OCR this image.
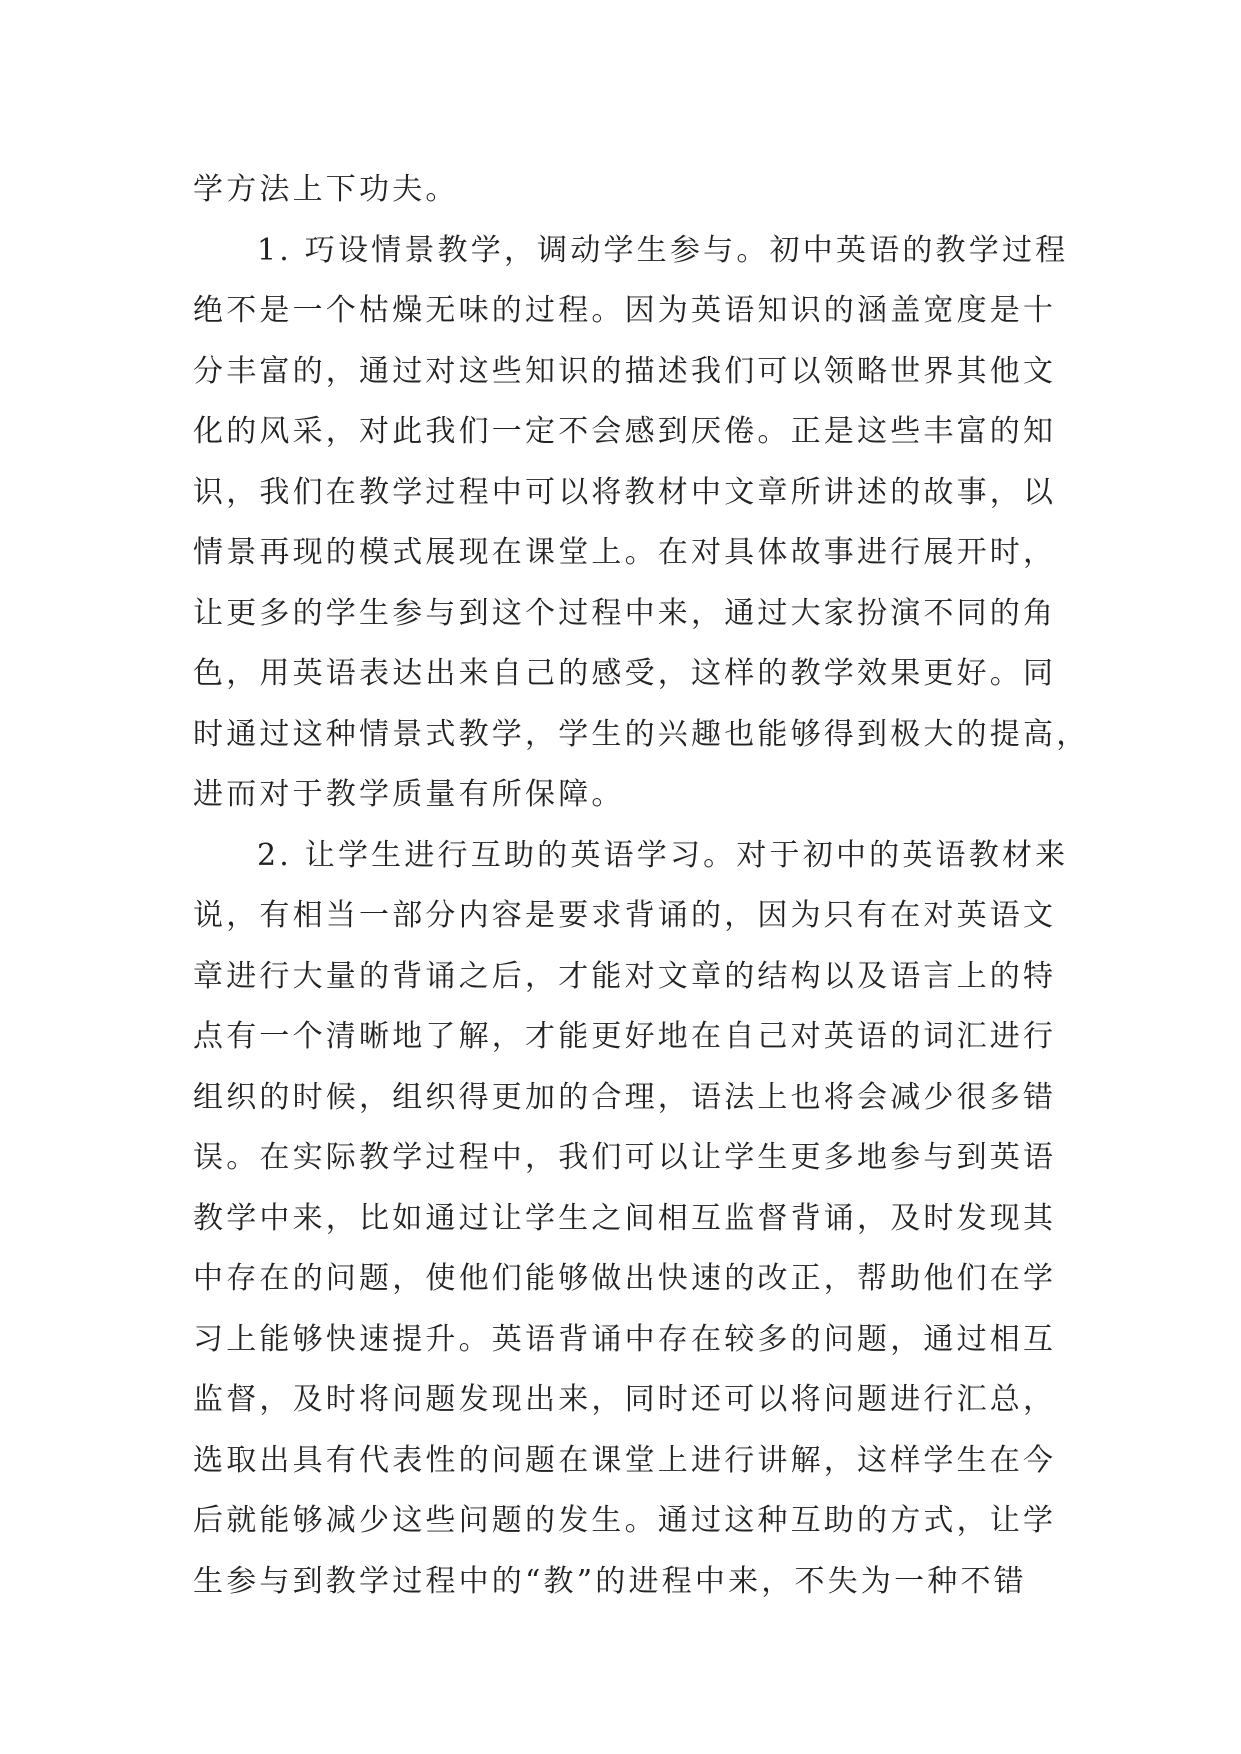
学方法上下功夫。
1. 巧设情景教学，调动学生参与。初中英语的教学过程
绝不是一个枯燥无味的过程。因为英语知识的涵盖宽度是十
分丰富的，通过对这些知识的描述我们可以领略世界其他文
化的风采，对此我们一定不会感到厌倦。正是这些丰富的知
识，我们在教学过程中可以将教材中文章所讲述的故事，以
情景再现的模式展现在课堂上。在对具体故事进行展开时，
让更多的学生参与到这个过程中来，通过大家扮演不同的角
色，用英语表达出来自己的感受，这样的教学效果更好。同
时通过这种情景式教学，学生的兴趣也能够得到极大的提高，
进而对于教学质量有所保障。
2. 让学生进行互助的英语学习。对于初中的英语教材来
说，有相当一部分内容是要求背诵的，因为只有在对英语文
章进行大量的背诵之后，才能对文章的结构以及语言上的特
点有一个清晰地了解，才能更好地在自己对英语的词汇进行
组织的时候，组织得更加的合理，语法上也将会减少很多错
误。在实际教学过程中，我们可以让学生更多地参与到英语
教学中来，比如通过让学生之间相互监督背诵，及时发现其
中存在的问题，使他们能够做出快速的改正，帮助他们在学
习上能够快速提升。英语背诵中存在较多的问题，通过相互
监督，及时将问题发现出来，同时还可以将问题进行汇总，
选取出具有代表性的问题在课堂上进行讲解，这样学生在今
后就能够减少这些问题的发生。通过这种互助的方式，让学
生参与到教学过程中的“教”的进程中来，不失为一种不错
